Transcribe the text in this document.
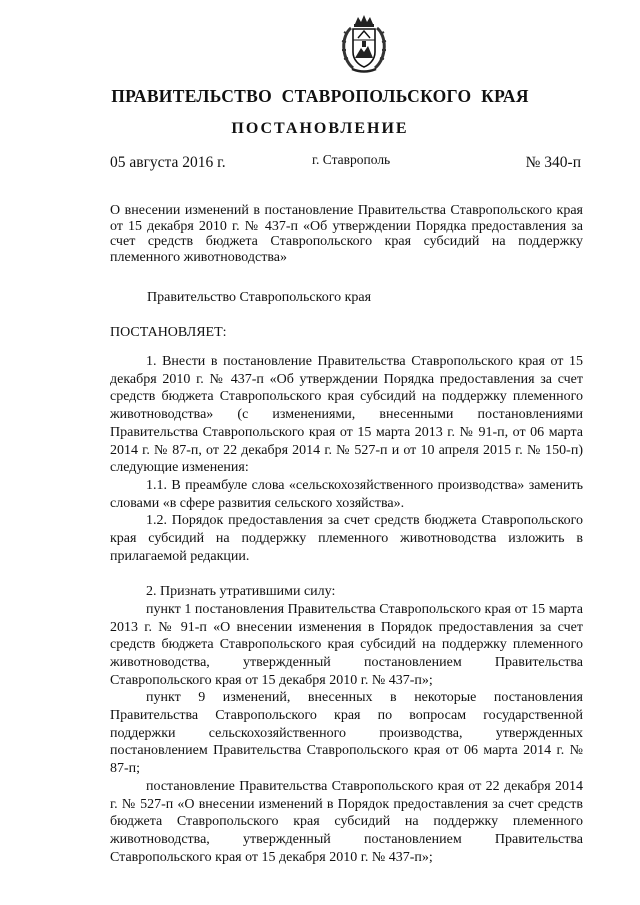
ПРАВИТЕЛЬСТВО СТАВРОПОЛЬСКОГО КРАЯ
ПОСТАНОВЛЕНИЕ
05 августа 2016 г.	г. Ставрополь	№ 340-п

О внесении изменений в постановление Правительства Ставропольского края от 15 декабря 2010 г. № 437-п «Об утверждении Порядка предоставления за счет средств бюджета Ставропольского края субсидий на поддержку племенного животноводства»

Правительство Ставропольского края

ПОСТАНОВЛЯЕТ:

1. Внести в постановление Правительства Ставропольского края от 15 декабря 2010 г. № 437-п «Об утверждении Порядка предоставления за счет средств бюджета Ставропольского края субсидий на поддержку племенного животноводства» (с изменениями, внесенными постановлениями Правительства Ставропольского края от 15 марта 2013 г. № 91-п, от 06 марта 2014 г. № 87-п, от 22 декабря 2014 г. № 527-п и от 10 апреля 2015 г. № 150-п) следующие изменения:

1.1. В преамбуле слова «сельскохозяйственного производства» заменить словами «в сфере развития сельского хозяйства».

1.2. Порядок предоставления за счет средств бюджета Ставропольского края субсидий на поддержку племенного животноводства изложить в прилагаемой редакции.

2. Признать утратившими силу:

пункт 1 постановления Правительства Ставропольского края от 15 марта 2013 г. № 91-п «О внесении изменения в Порядок предоставления за счет средств бюджета Ставропольского края субсидий на поддержку племенного животноводства, утвержденный постановлением Правительства Ставропольского края от 15 декабря 2010 г. № 437-п»;

пункт 9 изменений, внесенных в некоторые постановления Правительства Ставропольского края по вопросам государственной поддержки сельскохозяйственного производства, утвержденных постановлением Правительства Ставропольского края от 06 марта 2014 г. № 87-п;

постановление Правительства Ставропольского края от 22 декабря 2014 г. № 527-п «О внесении изменений в Порядок предоставления за счет средств бюджета Ставропольского края субсидий на поддержку племенного животноводства, утвержденный постановлением Правительства Ставропольского края от 15 декабря 2010 г. № 437-п»;
